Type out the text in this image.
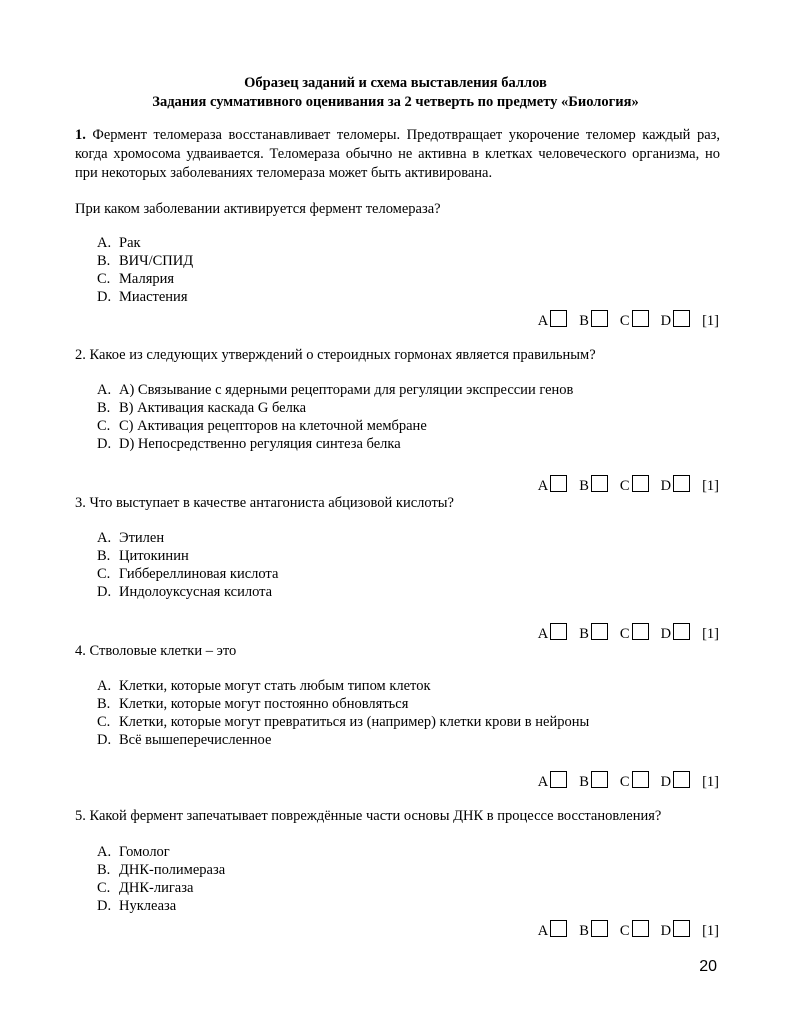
Образец заданий и схема выставления баллов
Задания суммативного оценивания за 2 четверть по предмету «Биология»
1. Фермент теломераза восстанавливает теломеры. Предотвращает укорочение теломер каждый раз, когда хромосома удваивается. Теломераза обычно не активна в клетках человеческого организма, но при некоторых заболеваниях теломераза может быть активирована.
При каком заболевании активируется фермент теломераза?
A. Рак
B. ВИЧ/СПИД
C. Малярия
D. Миастения
A B C D [1]
2. Какое из следующих утверждений о стероидных гормонах является правильным?
A. A) Связывание с ядерными рецепторами для регуляции экспрессии генов
B. B) Активация каскада G белка
C. C) Активация рецепторов на клеточной мембране
D. D) Непосредственно регуляция синтеза белка
A B C D [1]
3. Что выступает в качестве антагониста абцизовой кислоты?
A. Этилен
B. Цитокинин
C. Гиббереллиновая кислота
D. Индолоуксусная ксилота
A B C D [1]
4. Стволовые клетки – это
A. Клетки, которые могут стать любым типом клеток
B. Клетки, которые могут постоянно обновляться
C. Клетки, которые могут превратиться из (например) клетки крови в нейроны
D. Всё вышеперечисленное
A B C D [1]
5. Какой фермент запечатывает повреждённые части основы ДНК в процессе восстановления?
A. Гомолог
B. ДНК-полимераза
C. ДНК-лигаза
D. Нуклеаза
A B C D [1]
20
